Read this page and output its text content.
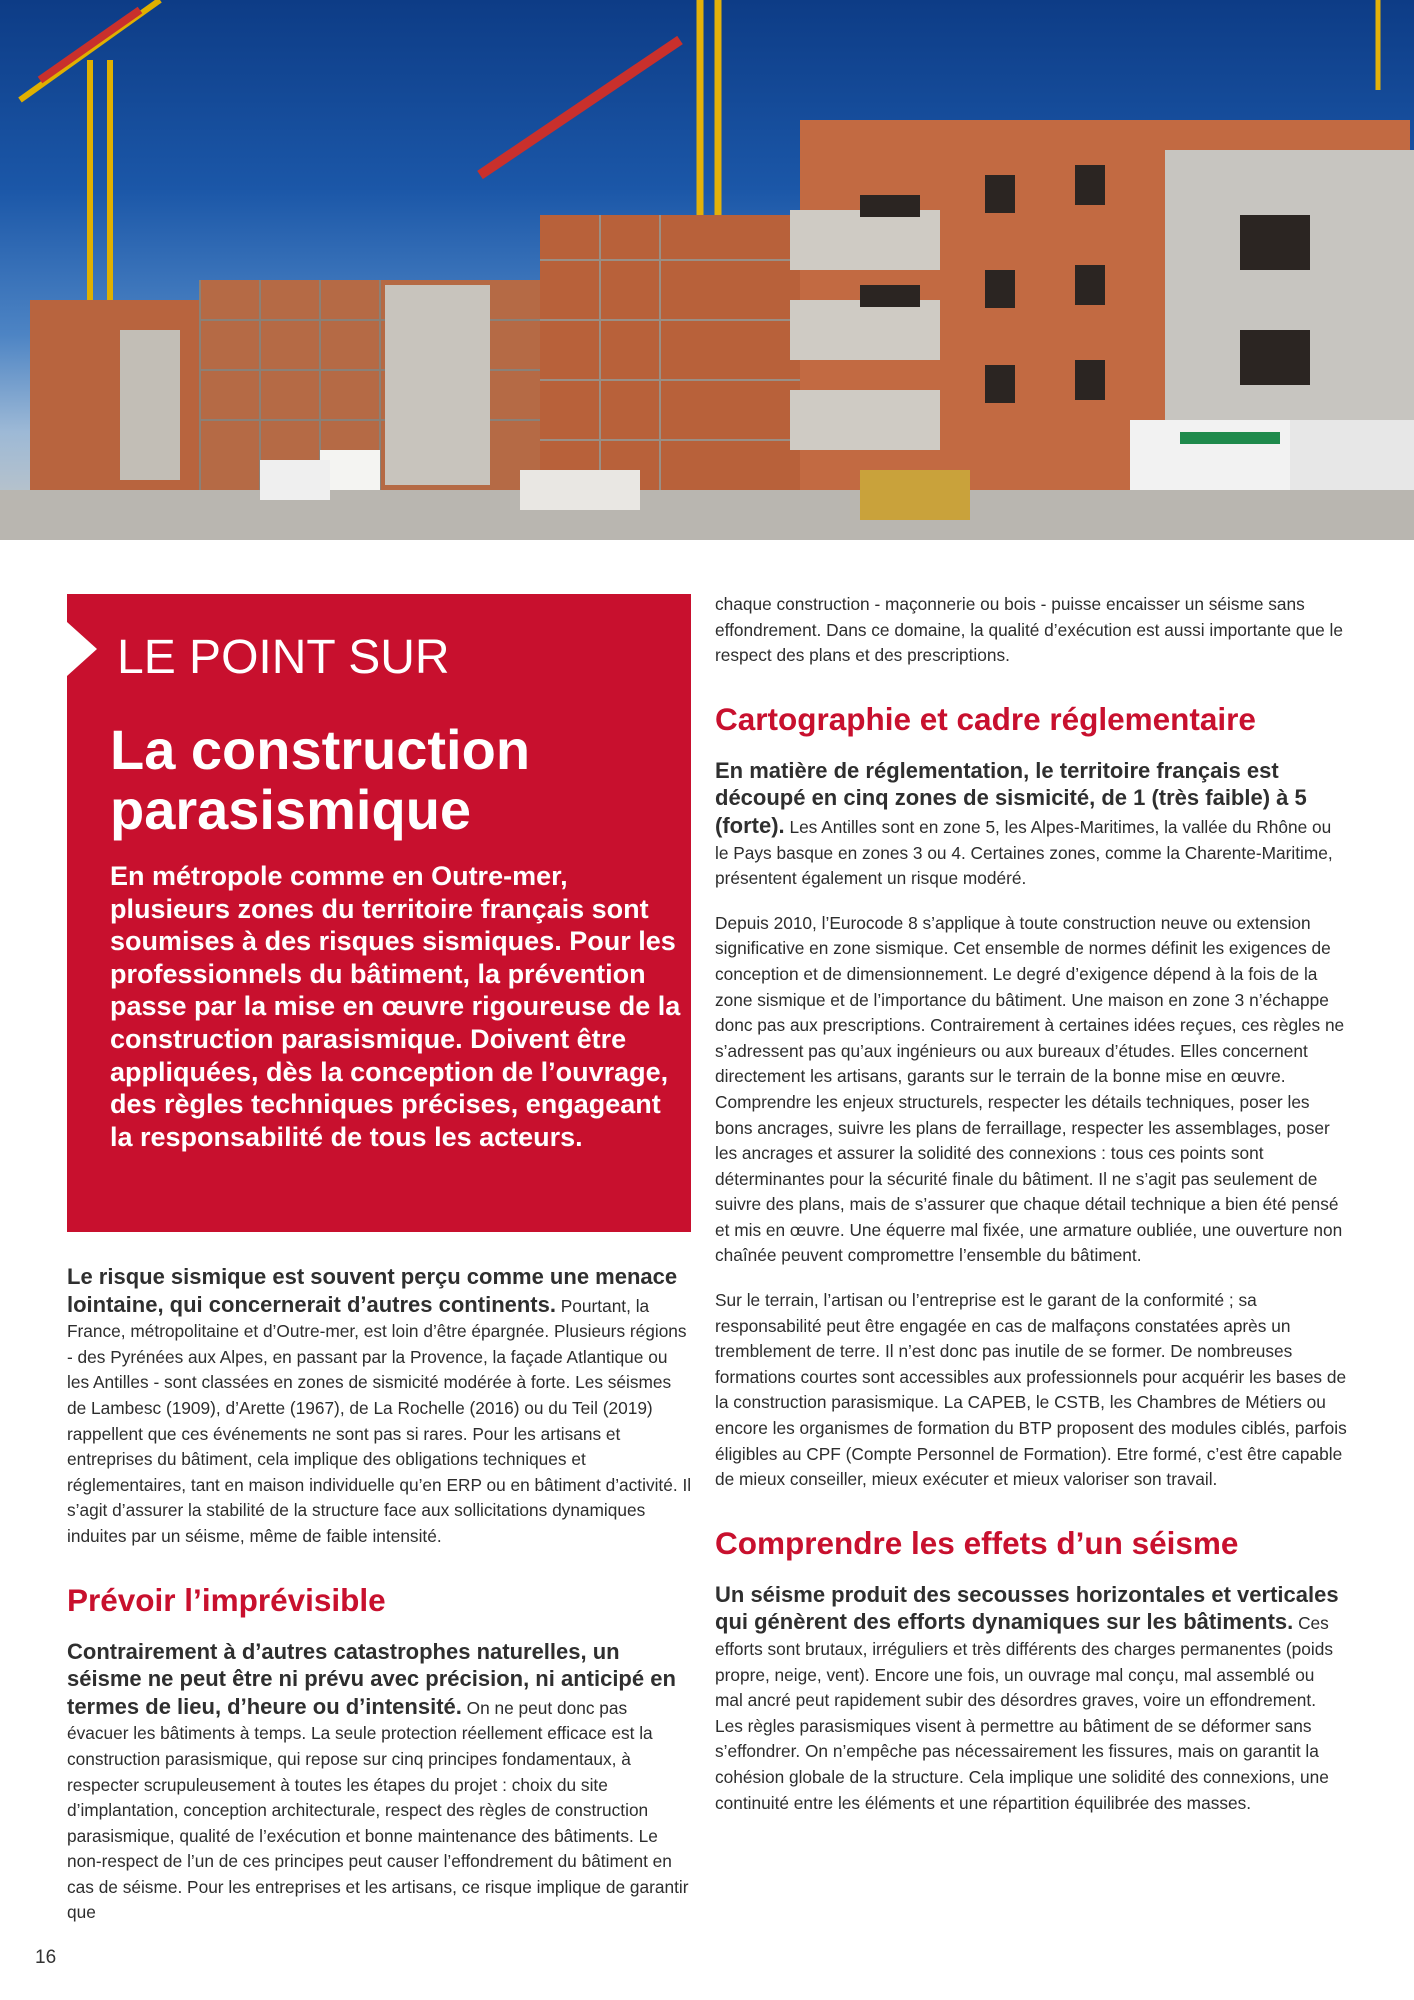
LE POINT SUR
La construction parasismique
En métropole comme en Outre-mer, plusieurs zones du territoire français sont soumises à des risques sismiques. Pour les professionnels du bâtiment, la prévention passe par la mise en œuvre rigoureuse de la construction parasismique. Doivent être appliquées, dès la conception de l’ouvrage, des règles techniques précises, engageant la responsabilité de tous les acteurs.

Le risque sismique est souvent perçu comme une menace lointaine, qui concernerait d’autres continents. Pourtant, la France, métropolitaine et d’Outre-mer, est loin d’être épargnée. Plusieurs régions - des Pyrénées aux Alpes, en passant par la Provence, la façade Atlantique ou les Antilles - sont classées en zones de sismicité modérée à forte. Les séismes de Lambesc (1909), d’Arette (1967), de La Rochelle (2016) ou du Teil (2019) rappellent que ces événements ne sont pas si rares. Pour les artisans et entreprises du bâtiment, cela implique des obligations techniques et réglementaires, tant en maison individuelle qu’en ERP ou en bâtiment d’activité. Il s’agit d’assurer la stabilité de la structure face aux sollicitations dynamiques induites par un séisme, même de faible intensité.

Prévoir l’imprévisible

Contrairement à d’autres catastrophes naturelles, un séisme ne peut être ni prévu avec précision, ni anticipé en termes de lieu, d’heure ou d’intensité. On ne peut donc pas évacuer les bâtiments à temps. La seule protection réellement efficace est la construction parasismique, qui repose sur cinq principes fondamentaux, à respecter scrupuleusement à toutes les étapes du projet : choix du site d’implantation, conception architecturale, respect des règles de construction parasismique, qualité de l’exécution et bonne maintenance des bâtiments. Le non-respect de l’un de ces principes peut causer l’effondrement du bâtiment en cas de séisme. Pour les entreprises et les artisans, ce risque implique de garantir que

chaque construction - maçonnerie ou bois - puisse encaisser un séisme sans effondrement. Dans ce domaine, la qualité d’exécution est aussi importante que le respect des plans et des prescriptions.

Cartographie et cadre réglementaire

En matière de réglementation, le territoire français est découpé en cinq zones de sismicité, de 1 (très faible) à 5 (forte). Les Antilles sont en zone 5, les Alpes-Maritimes, la vallée du Rhône ou le Pays basque en zones 3 ou 4. Certaines zones, comme la Charente-Maritime, présentent également un risque modéré.

Depuis 2010, l’Eurocode 8 s’applique à toute construction neuve ou extension significative en zone sismique. Cet ensemble de normes définit les exigences de conception et de dimensionnement. Le degré d’exigence dépend à la fois de la zone sismique et de l’importance du bâtiment. Une maison en zone 3 n’échappe donc pas aux prescriptions. Contrairement à certaines idées reçues, ces règles ne s’adressent pas qu’aux ingénieurs ou aux bureaux d’études. Elles concernent directement les artisans, garants sur le terrain de la bonne mise en œuvre. Comprendre les enjeux structurels, respecter les détails techniques, poser les bons ancrages, suivre les plans de ferraillage, respecter les assemblages, poser les ancrages et assurer la solidité des connexions : tous ces points sont déterminantes pour la sécurité finale du bâtiment. Il ne s’agit pas seulement de suivre des plans, mais de s’assurer que chaque détail technique a bien été pensé et mis en œuvre. Une équerre mal fixée, une armature oubliée, une ouverture non chaînée peuvent compromettre l’ensemble du bâtiment.

Sur le terrain, l’artisan ou l’entreprise est le garant de la conformité ; sa responsabilité peut être engagée en cas de malfaçons constatées après un tremblement de terre. Il n’est donc pas inutile de se former. De nombreuses formations courtes sont accessibles aux professionnels pour acquérir les bases de la construction parasismique. La CAPEB, le CSTB, les Chambres de Métiers ou encore les organismes de formation du BTP proposent des modules ciblés, parfois éligibles au CPF (Compte Personnel de Formation). Etre formé, c’est être capable de mieux conseiller, mieux exécuter et mieux valoriser son travail.

Comprendre les effets d’un séisme

Un séisme produit des secousses horizontales et verticales qui génèrent des efforts dynamiques sur les bâtiments. Ces efforts sont brutaux, irréguliers et très différents des charges permanentes (poids propre, neige, vent). Encore une fois, un ouvrage mal conçu, mal assemblé ou mal ancré peut rapidement subir des désordres graves, voire un effondrement. Les règles parasismiques visent à permettre au bâtiment de se déformer sans s’effondrer. On n’empêche pas nécessairement les fissures, mais on garantit la cohésion globale de la structure. Cela implique une solidité des connexions, une continuité entre les éléments et une répartition équilibrée des masses.

16
